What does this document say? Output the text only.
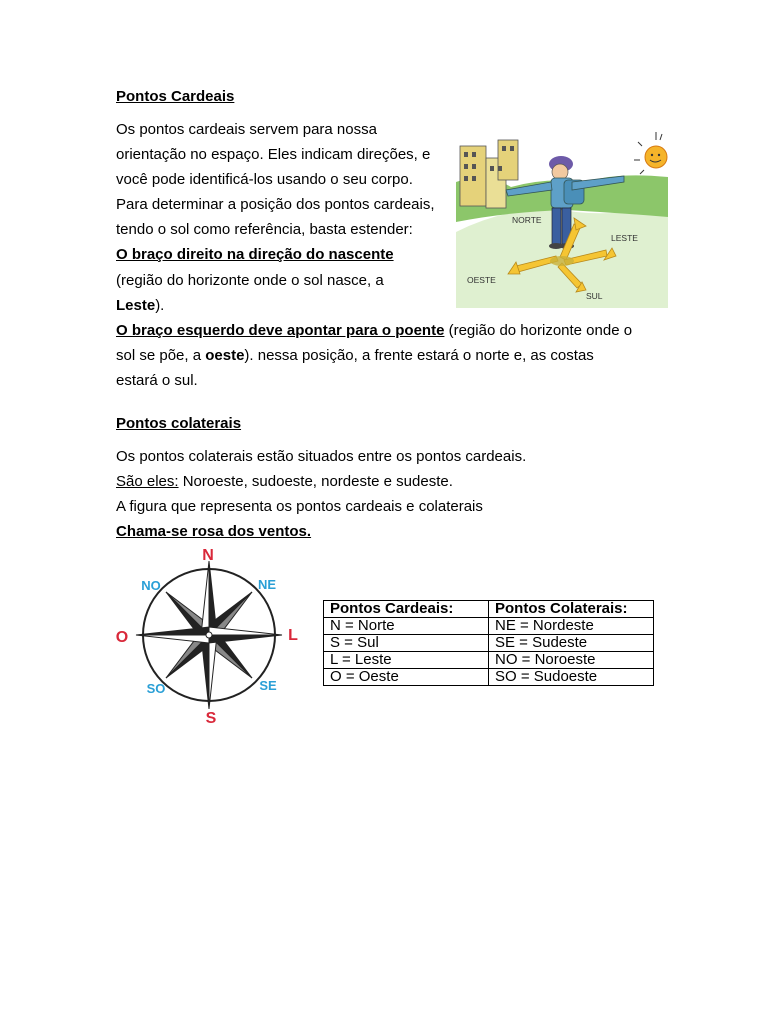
Pontos Cardeais
Os pontos cardeais servem para nossa
orientação no espaço. Eles indicam direções, e
você pode identificá-los usando o seu corpo.
Para determinar a posição dos pontos cardeais,
tendo o sol como referência, basta estender:
O braço direito na direção do nascente
(região do horizonte onde o sol nasce, a
Leste).
O braço esquerdo deve apontar para o poente (região do horizonte onde o
sol se põe, a oeste). nessa posição, a frente estará o norte e, as costas
estará o sul.
NORTE
LESTE
OESTE
SUL
Pontos colaterais
Os pontos colaterais estão situados entre os pontos cardeais.
São eles: Noroeste, sudoeste, nordeste e sudeste.
A figura que representa os pontos cardeais e colaterais
Chama-se rosa dos ventos.
N
S
L
O
NO	NE
SO	SE
Pontos Cardeais:	Pontos Colaterais:
N = Norte	NE = Nordeste
S = Sul	SE = Sudeste
L = Leste	NO = Noroeste
O = Oeste	SO = Sudoeste
